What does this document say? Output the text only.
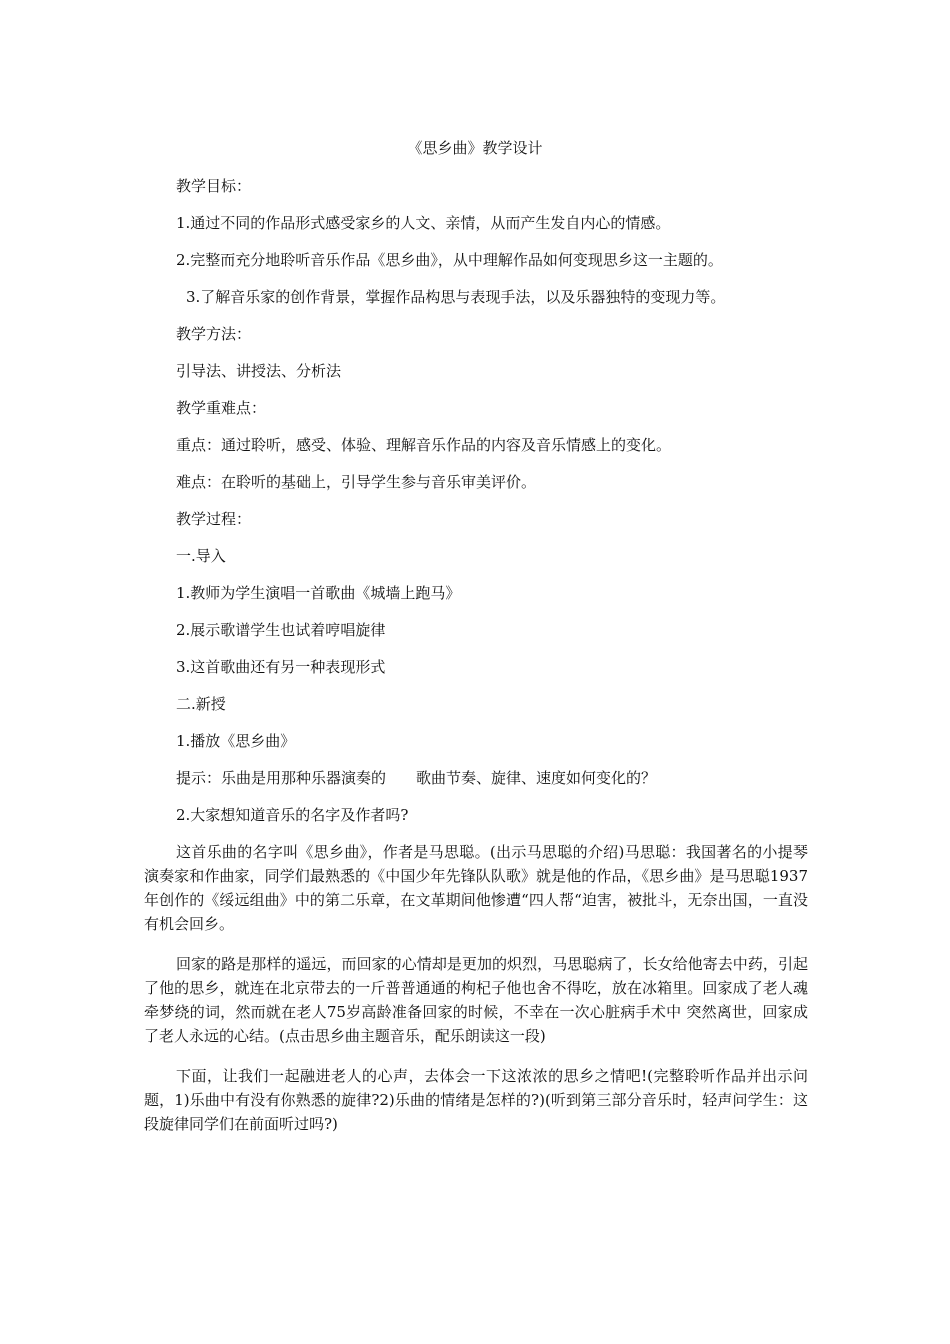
《思乡曲》教学设计
教学目标：
1.通过不同的作品形式感受家乡的人文、亲情，从而产生发自内心的情感。
2.完整而充分地聆听音乐作品《思乡曲》，从中理解作品如何变现思乡这一主题的。
3.了解音乐家的创作背景，掌握作品构思与表现手法，以及乐器独特的变现力等。
教学方法：
引导法、讲授法、分析法
教学重难点：
重点：通过聆听，感受、体验、理解音乐作品的内容及音乐情感上的变化。
难点：在聆听的基础上，引导学生参与音乐审美评价。
教学过程：
一.导入
1.教师为学生演唱一首歌曲《城墙上跑马》
2.展示歌谱学生也试着哼唱旋律
3.这首歌曲还有另一种表现形式
二.新授
1.播放《思乡曲》
提示：乐曲是用那种乐器演奏的 歌曲节奏、旋律、速度如何变化的？
2.大家想知道音乐的名字及作者吗?
这首乐曲的名字叫《思乡曲》，作者是马思聪。(出示马思聪的介绍)马思聪：我国著名的小提琴演奏家和作曲家，同学们最熟悉的《中国少年先锋队队歌》就是他的作品，《思乡曲》是马思聪1937年创作的《绥远组曲》中的第二乐章，在文革期间他惨遭“四人帮“迫害，被批斗，无奈出国，一直没有机会回乡。
回家的路是那样的遥远，而回家的心情却是更加的炽烈，马思聪病了，长女给他寄去中药，引起了他的思乡，就连在北京带去的一斤普普通通的枸杞子他也舍不得吃，放在冰箱里。回家成了老人魂牵梦绕的词，然而就在老人75岁高龄准备回家的时候，不幸在一次心脏病手术中 突然离世，回家成了老人永远的心结。(点击思乡曲主题音乐，配乐朗读这一段)
下面，让我们一起融进老人的心声，去体会一下这浓浓的思乡之情吧!(完整聆听作品并出示问题，1)乐曲中有没有你熟悉的旋律?2)乐曲的情绪是怎样的?)(听到第三部分音乐时，轻声问学生：这段旋律同学们在前面听过吗?)
